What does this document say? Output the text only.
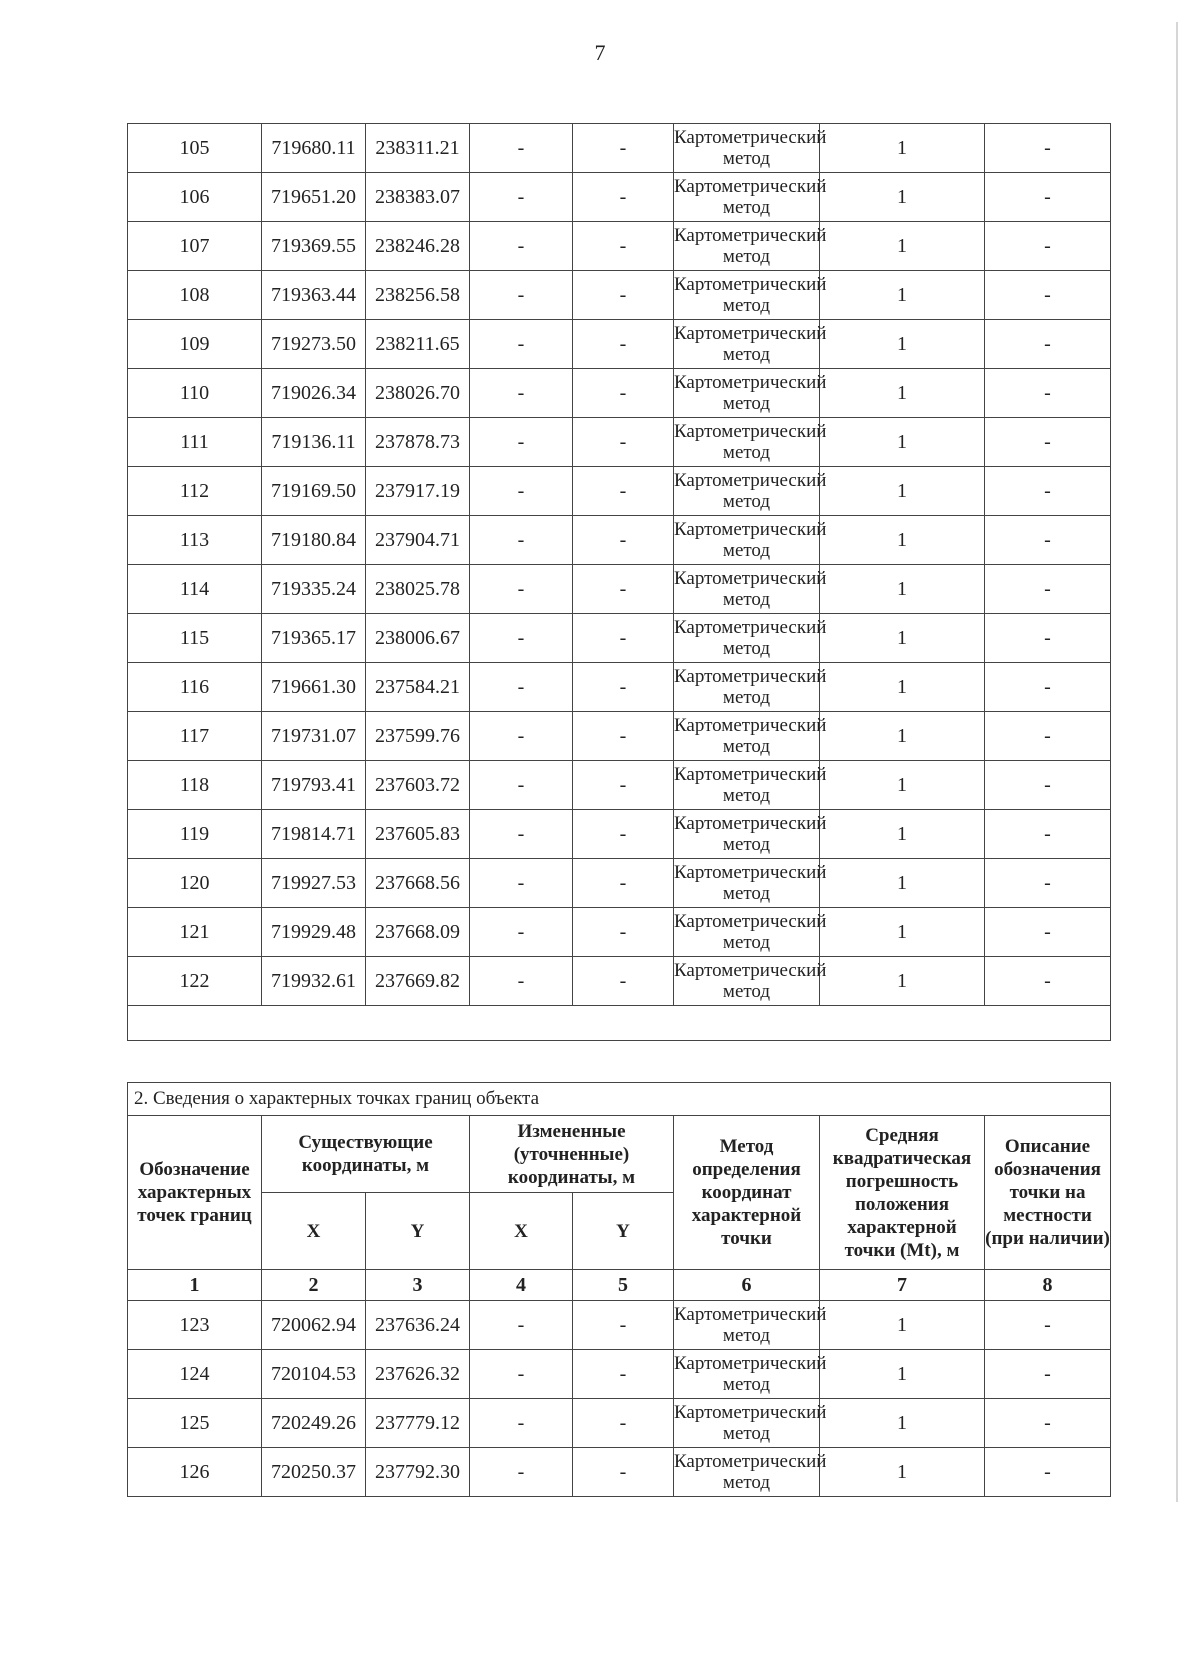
7
105	719680.11	238311.21	-	-	Картометрический метод	1	-
106	719651.20	238383.07	-	-	Картометрический метод	1	-
107	719369.55	238246.28	-	-	Картометрический метод	1	-
108	719363.44	238256.58	-	-	Картометрический метод	1	-
109	719273.50	238211.65	-	-	Картометрический метод	1	-
110	719026.34	238026.70	-	-	Картометрический метод	1	-
111	719136.11	237878.73	-	-	Картометрический метод	1	-
112	719169.50	237917.19	-	-	Картометрический метод	1	-
113	719180.84	237904.71	-	-	Картометрический метод	1	-
114	719335.24	238025.78	-	-	Картометрический метод	1	-
115	719365.17	238006.67	-	-	Картометрический метод	1	-
116	719661.30	237584.21	-	-	Картометрический метод	1	-
117	719731.07	237599.76	-	-	Картометрический метод	1	-
118	719793.41	237603.72	-	-	Картометрический метод	1	-
119	719814.71	237605.83	-	-	Картометрический метод	1	-
120	719927.53	237668.56	-	-	Картометрический метод	1	-
121	719929.48	237668.09	-	-	Картометрический метод	1	-
122	719932.61	237669.82	-	-	Картометрический метод	1	-

2. Сведения о характерных точках границ объекта							
Обозначение характерных точек границ	Существующие координаты, м		Измененные (уточненные) координаты, м		Метод определения координат характерной точки	Средняя квадратическая погрешность положения характерной точки (Mt), м	Описание обозначения точки на местности (при наличии)
	X	Y	X	Y			
1	2	3	4	5	6	7	8
123	720062.94	237636.24	-	-	Картометрический метод	1	-
124	720104.53	237626.32	-	-	Картометрический метод	1	-
125	720249.26	237779.12	-	-	Картометрический метод	1	-
126	720250.37	237792.30	-	-	Картометрический метод	1	-
